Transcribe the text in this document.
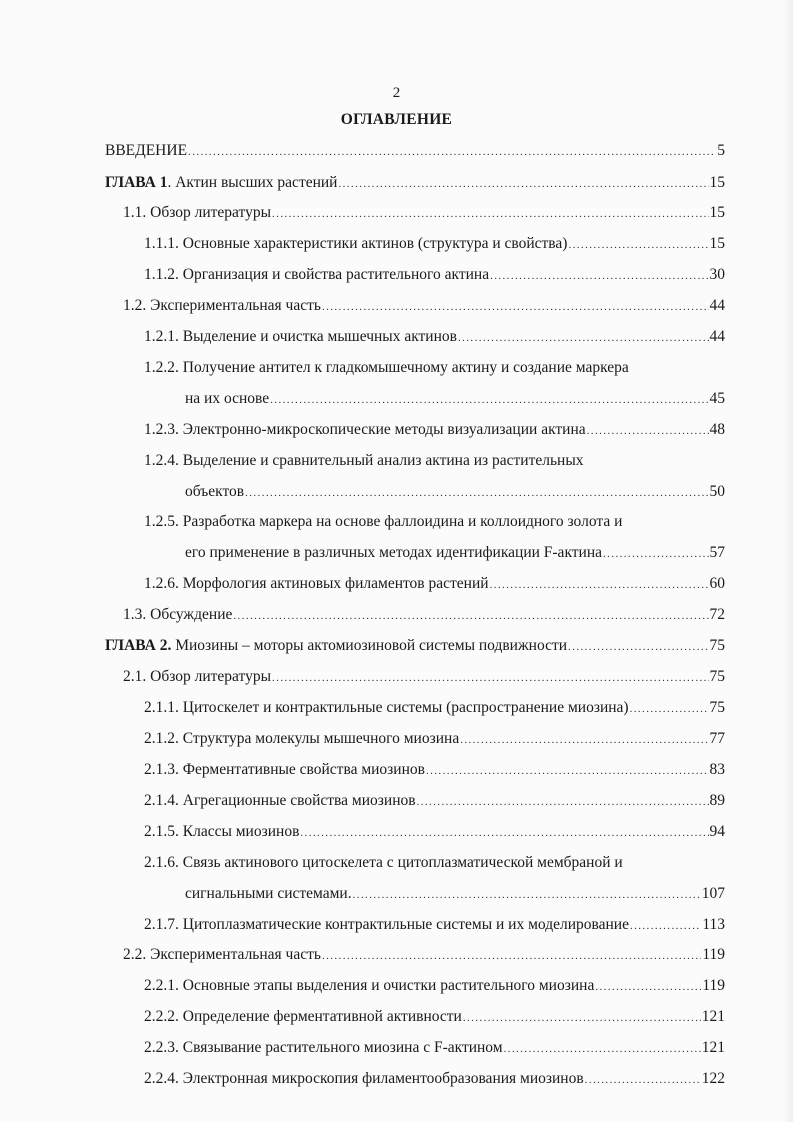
2
ОГЛАВЛЕНИЕ
ВВЕДЕНИЕ .....	5
ГЛАВА 1. Актин высших растений .....	15
1.1. Обзор литературы .....	15
1.1.1. Основные характеристики актинов (структура и свойства) .....	15
1.1.2. Организация и свойства растительного актина .....	30
1.2. Экспериментальная часть .....	44
1.2.1. Выделение и очистка мышечных актинов .....	44
1.2.2. Получение антител к гладкомышечному актину и создание маркера
на их основе .....	45
1.2.3. Электронно-микроскопические методы визуализации актина .....	48
1.2.4. Выделение и сравнительный анализ актина из растительных
объектов .....	50
1.2.5. Разработка маркера на основе фаллоидина и коллоидного золота и
его применение в различных методах идентификации F-актина .....	57
1.2.6. Морфология актиновых филаментов растений .....	60
1.3. Обсуждение .....	72
ГЛАВА 2. Миозины – моторы актомиозиновой системы подвижности .....	75
2.1. Обзор литературы .....	75
2.1.1. Цитоскелет и контрактильные системы (распространение миозина) .....	75
2.1.2. Структура молекулы мышечного миозина .....	77
2.1.3. Ферментативные свойства миозинов .....	83
2.1.4. Агрегационные свойства миозинов .....	89
2.1.5. Классы миозинов .....	94
2.1.6. Связь актинового цитоскелета с цитоплазматической мембраной и
сигнальными системами. .....	107
2.1.7. Цитоплазматические контрактильные системы и их моделирование .....	113
2.2. Экспериментальная часть .....	119
2.2.1. Основные этапы выделения и очистки растительного миозина .....	119
2.2.2. Определение ферментативной активности .....	121
2.2.3. Связывание растительного миозина с F-актином .....	121
2.2.4. Электронная микроскопия филаментообразования миозинов .....	122
